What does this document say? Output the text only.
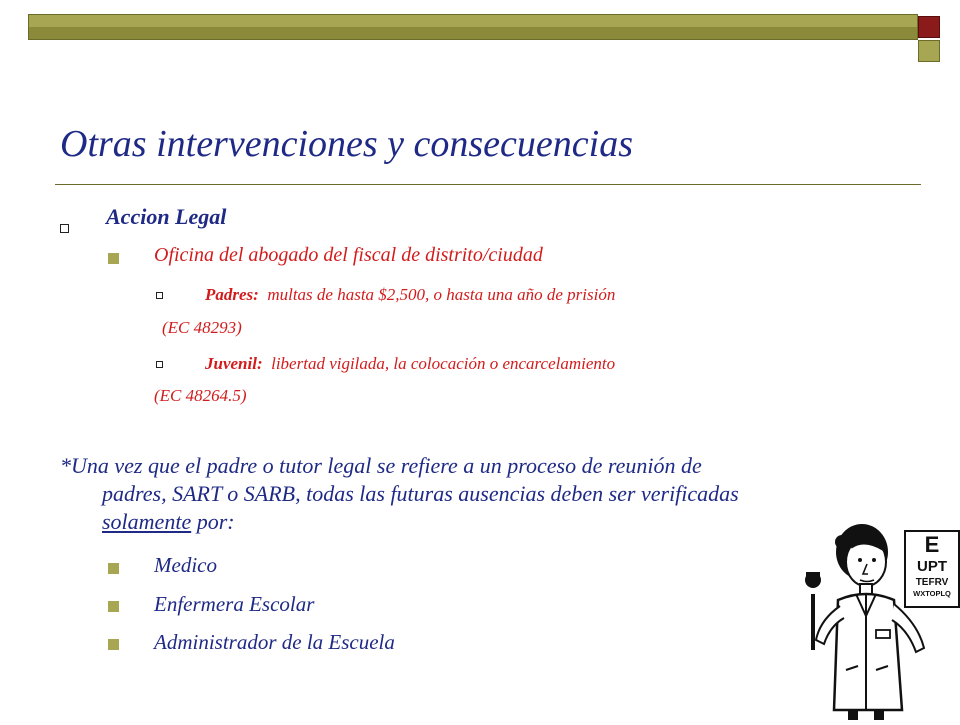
Otras intervenciones y consecuencias
Accion Legal
Oficina del abogado del fiscal de distrito/ciudad
Padres: multas de hasta $2,500, o hasta una año de prisión
(EC 48293)
Juvenil: libertad vigilada, la colocación o encarcelamiento
(EC 48264.5)
*Una vez que el padre o tutor legal se refiere a un proceso de reunión de
padres, SART o SARB, todas las futuras ausencias deben ser verificadas
solamente por:
Medico
Enfermera Escolar
Administrador de la Escuela
E
UPT
TEFRV
WXTOPLQ
